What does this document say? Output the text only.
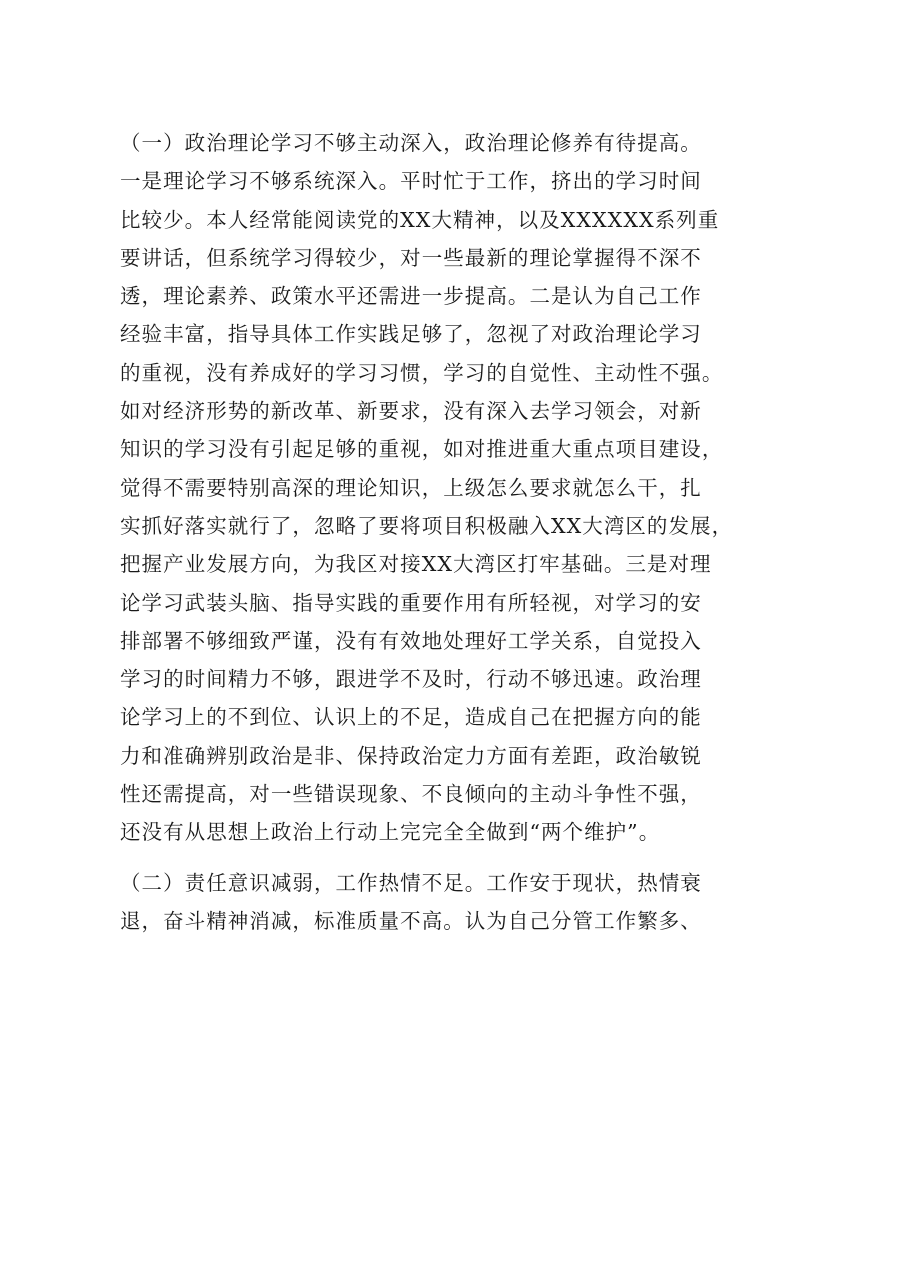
（一）政治理论学习不够主动深入，政治理论修养有待提高。
一是理论学习不够系统深入。平时忙于工作，挤出的学习时间
比较少。本人经常能阅读党的XX大精神，以及XXXXXX系列重
要讲话，但系统学习得较少，对一些最新的理论掌握得不深不
透，理论素养、政策水平还需进一步提高。二是认为自己工作
经验丰富，指导具体工作实践足够了，忽视了对政治理论学习
的重视，没有养成好的学习习惯，学习的自觉性、主动性不强。
如对经济形势的新改革、新要求，没有深入去学习领会，对新
知识的学习没有引起足够的重视，如对推进重大重点项目建设，
觉得不需要特别高深的理论知识，上级怎么要求就怎么干，扎
实抓好落实就行了，忽略了要将项目积极融入XX大湾区的发展，
把握产业发展方向，为我区对接XX大湾区打牢基础。三是对理
论学习武装头脑、指导实践的重要作用有所轻视，对学习的安
排部署不够细致严谨，没有有效地处理好工学关系，自觉投入
学习的时间精力不够，跟进学不及时，行动不够迅速。政治理
论学习上的不到位、认识上的不足，造成自己在把握方向的能
力和准确辨别政治是非、保持政治定力方面有差距，政治敏锐
性还需提高，对一些错误现象、不良倾向的主动斗争性不强，
还没有从思想上政治上行动上完完全全做到“两个维护”。
（二）责任意识减弱，工作热情不足。工作安于现状，热情衰
退，奋斗精神消减，标准质量不高。认为自己分管工作繁多、
